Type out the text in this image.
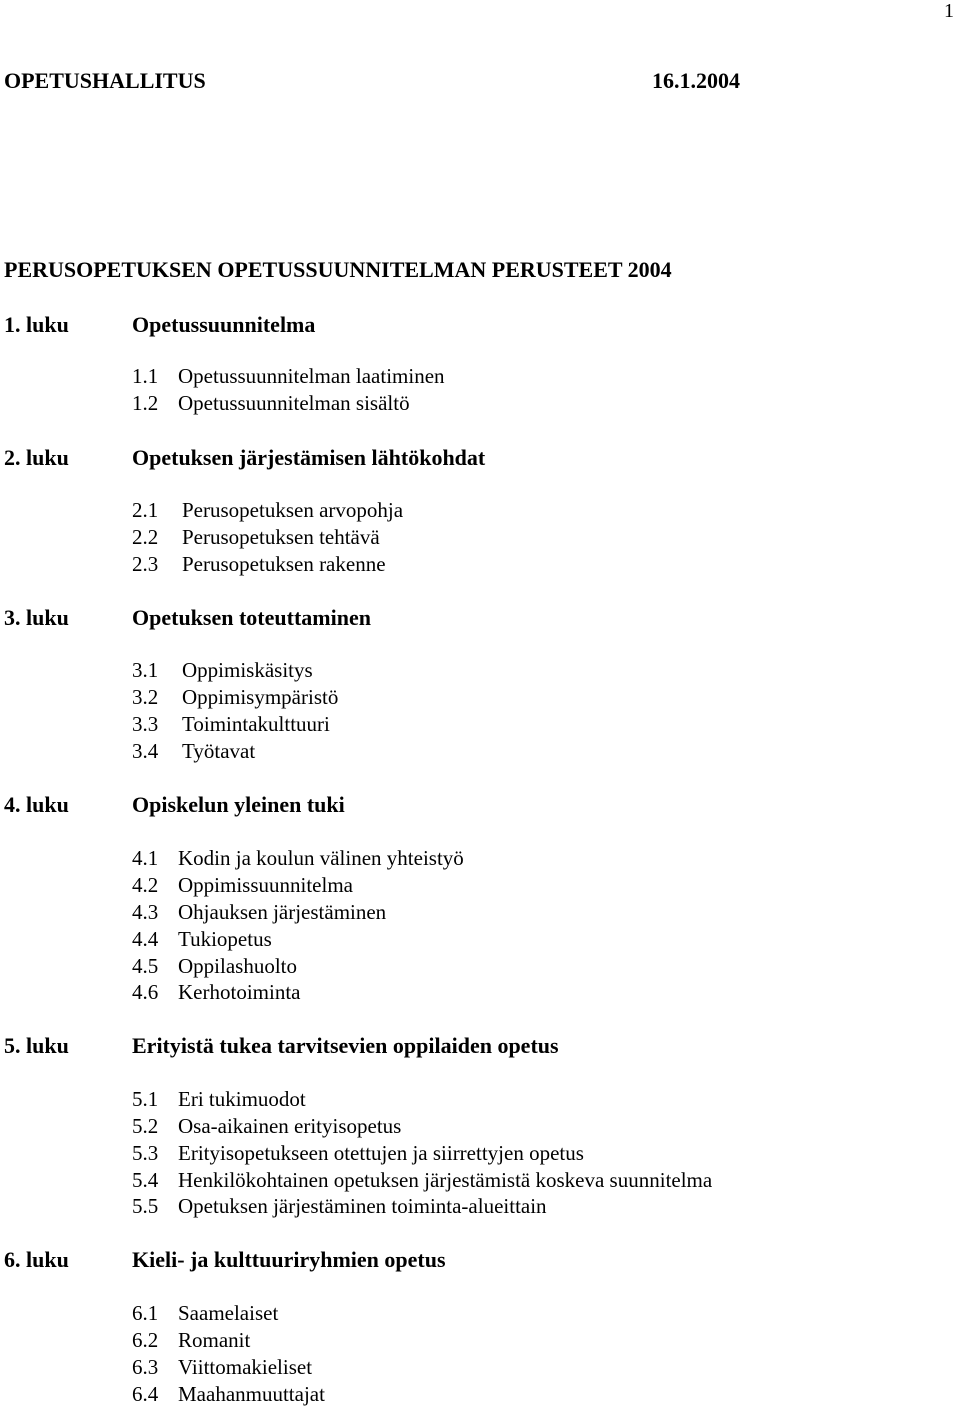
1
OPETUSHALLITUS	16.1.2004
PERUSOPETUKSEN OPETUSSUUNNITELMAN PERUSTEET 2004
1. luku	Opetussuunnitelma
1.1 Opetussuunnitelman laatiminen
1.2 Opetussuunnitelman sisältö
2. luku	Opetuksen järjestämisen lähtökohdat
2.1 Perusopetuksen arvopohja
2.2 Perusopetuksen tehtävä
2.3 Perusopetuksen rakenne
3. luku	Opetuksen toteuttaminen
3.1 Oppimiskäsitys
3.2 Oppimisympäristö
3.3 Toimintakulttuuri
3.4 Työtavat
4. luku	Opiskelun yleinen tuki
4.1 Kodin ja koulun välinen yhteistyö
4.2 Oppimissuunnitelma
4.3 Ohjauksen järjestäminen
4.4 Tukiopetus
4.5 Oppilashuolto
4.6 Kerhotoiminta
5. luku	Erityistä tukea tarvitsevien oppilaiden opetus
5.1 Eri tukimuodot
5.2 Osa-aikainen erityisopetus
5.3 Erityisopetukseen otettujen ja siirrettyjen opetus
5.4 Henkilökohtainen opetuksen järjestämistä koskeva suunnitelma
5.5 Opetuksen järjestäminen toiminta-alueittain
6. luku	Kieli- ja kulttuuriryhmien opetus
6.1 Saamelaiset
6.2 Romanit
6.3 Viittomakieliset
6.4 Maahanmuuttajat
